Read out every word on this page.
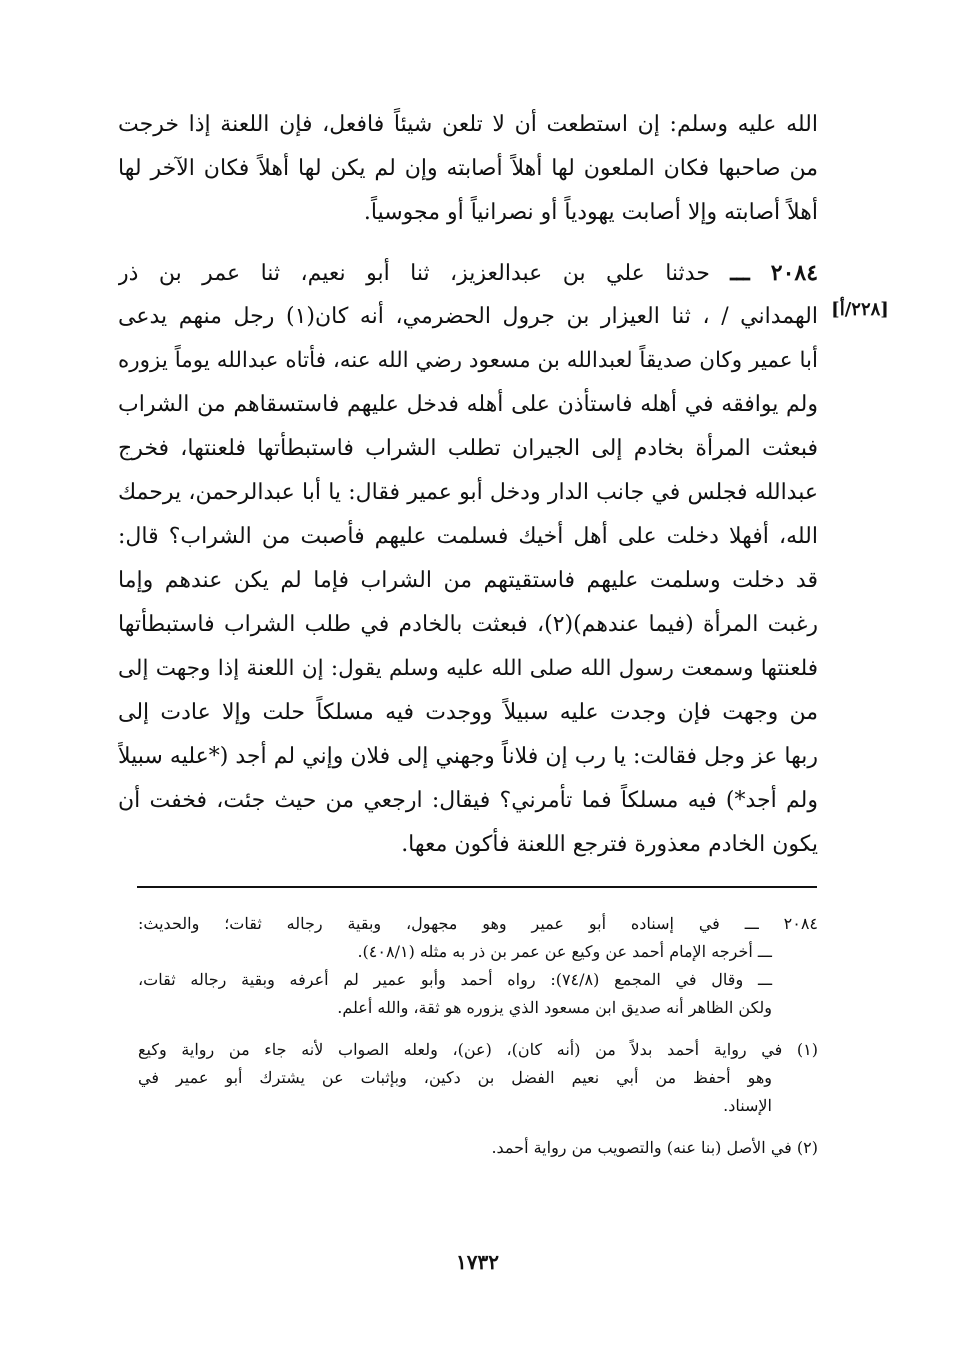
الله عليه وسلم: إن استطعت أن لا تلعن شيئاً فافعل، فإن اللعنة إذا خرجت
من صاحبها فكان الملعون لها أهلاً أصابته وإن لم يكن لها أهلاً فكان الآخر لها
أهلاً أصابته وإلا أصابت يهودياً أو نصرانياً أو مجوسياً.
٢٠٨٤ ـــ حدثنا علي بن عبدالعزيز، ثنا أبو نعيم، ثنا عمر بن ذر
الهمداني / ، ثنا العيزار بن جرول الحضرمي، أنه كان(١) رجل منهم يدعى
أبا عمير وكان صديقاً لعبدالله بن مسعود رضي الله عنه، فأتاه عبدالله يوماً يزوره
ولم يوافقه في أهله فاستأذن على أهله فدخل عليهم فاستسقاهم من الشراب
فبعثت المرأة بخادم إلى الجيران تطلب الشراب فاستبطأتها فلعنتها، فخرج
عبدالله فجلس في جانب الدار ودخل أبو عمير فقال: يا أبا عبدالرحمن، يرحمك
الله، أفهلا دخلت على أهل أخيك فسلمت عليهم فأصبت من الشراب؟ قال:
قد دخلت وسلمت عليهم فاستقيتهم من الشراب فإما لم يكن عندهم وإما
رغبت المرأة (فيما عندهم)(٢)، فبعثت بالخادم في طلب الشراب فاستبطأتها
فلعنتها وسمعت رسول الله صلى الله عليه وسلم يقول: إن اللعنة إذا وجهت إلى
من وجهت فإن وجدت عليه سبيلاً ووجدت فيه مسلكاً حلت وإلا عادت إلى
ربها عز وجل فقالت: يا رب إن فلاناً وجهني إلى فلان وإني لم أجد (*عليه سبيلاً
ولم أجد*) فيه مسلكاً فما تأمرني؟ فيقال: ارجعي من حيث جئت، فخفت أن
يكون الخادم معذورة فترجع اللعنة فأكون معها.
[٢٢٨/أ]
٢٠٨٤ ـــ في إسناده أبو عمير وهو مجهول، وبقية رجاله ثقات؛ والحديث:
ـــ أخرجه الإمام أحمد عن وكيع عن عمر بن ذر به مثله (٤٠٨/١).
ـــ وقال في المجمع (٧٤/٨): رواه أحمد وأبو عمير لم أعرفه وبقية رجاله ثقات،
ولكن الظاهر أنه صديق ابن مسعود الذي يزوره هو ثقة، والله أعلم.
(١) في رواية أحمد بدلاً من (أنه كان)، (عن)، ولعله الصواب لأنه جاء من رواية وكيع
وهو أحفظ من أبي نعيم الفضل بن دكين، وبإثبات عن يشترك أبو عمير في
الإسناد.
(٢) في الأصل (بنا عنه) والتصويب من رواية أحمد.
١٧٣٢
